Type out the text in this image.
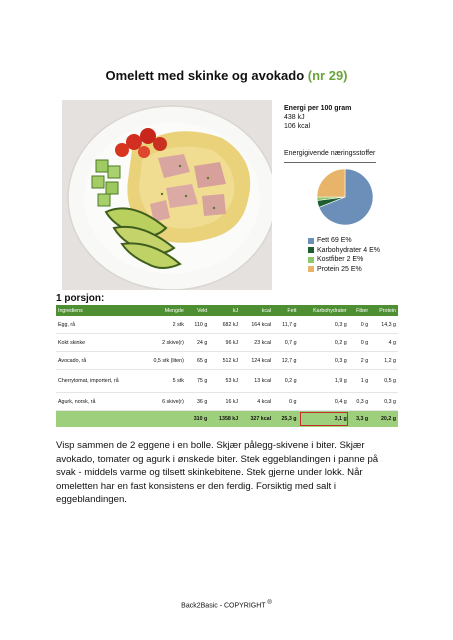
Omelett med skinke og avokado (nr 29)
Energi per 100 gram
438 kJ
106 kcal
Energigivende næringsstoffer
Fett 69 E%
Karbohydrater 4 E%
Kostfiber 2 E%
Protein 25 E%
1 porsjon:
Ingrediens	Mengde	Vekt	kJ	kcal	Fett	Karbohydrater	Fiber	Protein
Egg, rå	2 stk	110 g	682 kJ	164 kcal	11,7 g	0,3 g	0 g	14,3 g
Kokt skinke	2 skive(r)	24 g	96 kJ	23 kcal	0,7 g	0,2 g	0 g	4 g
Avocado, rå	0,5 stk (liten)	65 g	512 kJ	124 kcal	12,7 g	0,3 g	2 g	1,2 g
Cherrytomat, importert, rå	5 stk	75 g	53 kJ	13 kcal	0,2 g	1,9 g	1 g	0,5 g
Agurk, norsk, rå	6 skive(r)	36 g	16 kJ	4 kcal	0 g	0,4 g	0,3 g	0,3 g
		310 g	1358 kJ	327 kcal	25,3 g	3,1 g	3,3 g	20,2 g
Visp sammen de 2 eggene i en bolle. Skjær pålegg-skivene i biter. Skjær avokado, tomater og agurk i ønskede biter. Stek eggeblandingen i panne på svak - middels varme og tilsett skinkebitene. Stek gjerne under lokk. Når omeletten har en fast konsistens er den ferdig. Forsiktig med salt i eggeblandingen.
Back2Basic - COPYRIGHT ®
